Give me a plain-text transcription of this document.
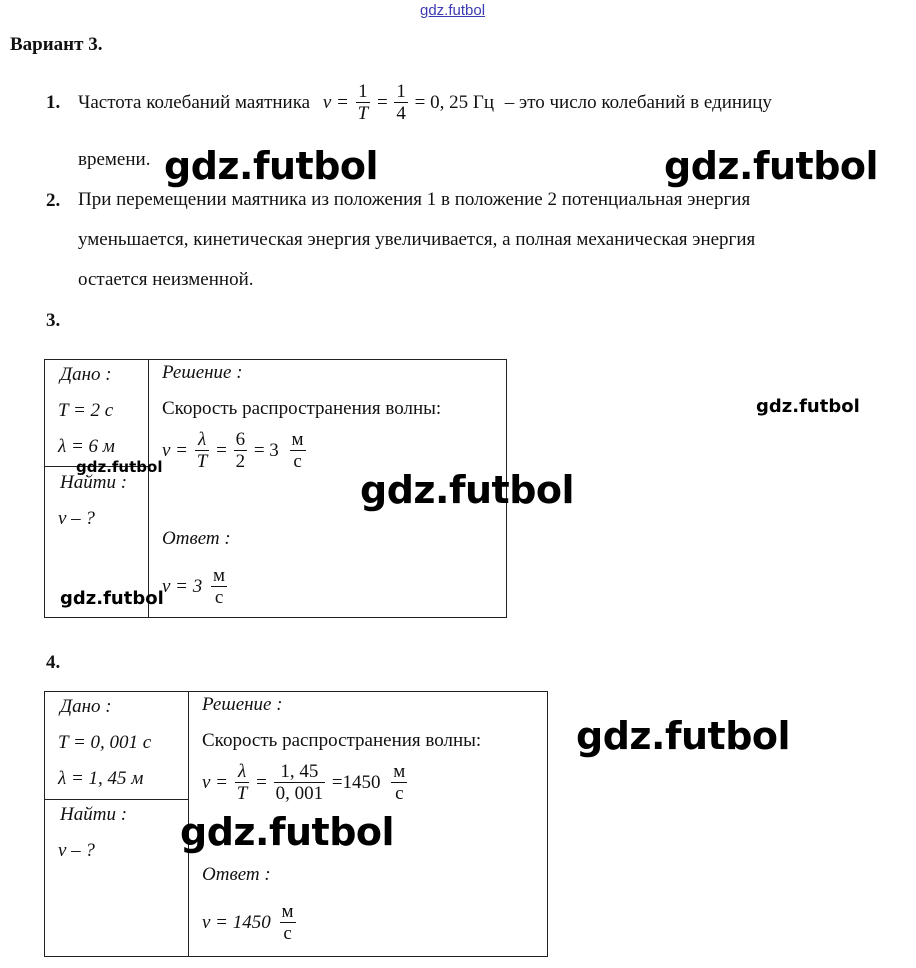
gdz.futbol
Вариант 3.
1. Частота колебаний маятника $\nu = \frac{1}{T} = \frac{1}{4} = 0$, 25 Гц – это число колебаний в единицу
времени.
2. При перемещении маятника из положения 1 в положение 2 потенциальная энергия
уменьшается, кинетическая энергия увеличивается, а полная механическая энергия
остается неизменной.
3.
Дано :
T = 2 c
λ = 6 м
Найти :
v – ?
Решение :
Скорость распространения волны:
$v = \frac{\lambda}{T} = \frac{6}{2} = 3 \frac{м}{с}$
Ответ :
$v = 3 \frac{м}{с}$
4.
Дано :
T = 0, 001 c
λ = 1, 45 м
Найти :
v – ?
Решение :
Скорость распространения волны:
$v = \frac{\lambda}{T} = \frac{1, 45}{0, 001} =1450 \frac{м}{с}$
Ответ :
$v = 1450 \frac{м}{с}$
gdz.futbol	gdz.futbol
gdz.futbol
gdz.futbol
gdz.futbol
gdz.futbol
gdz.futbol
gdz.futbol
